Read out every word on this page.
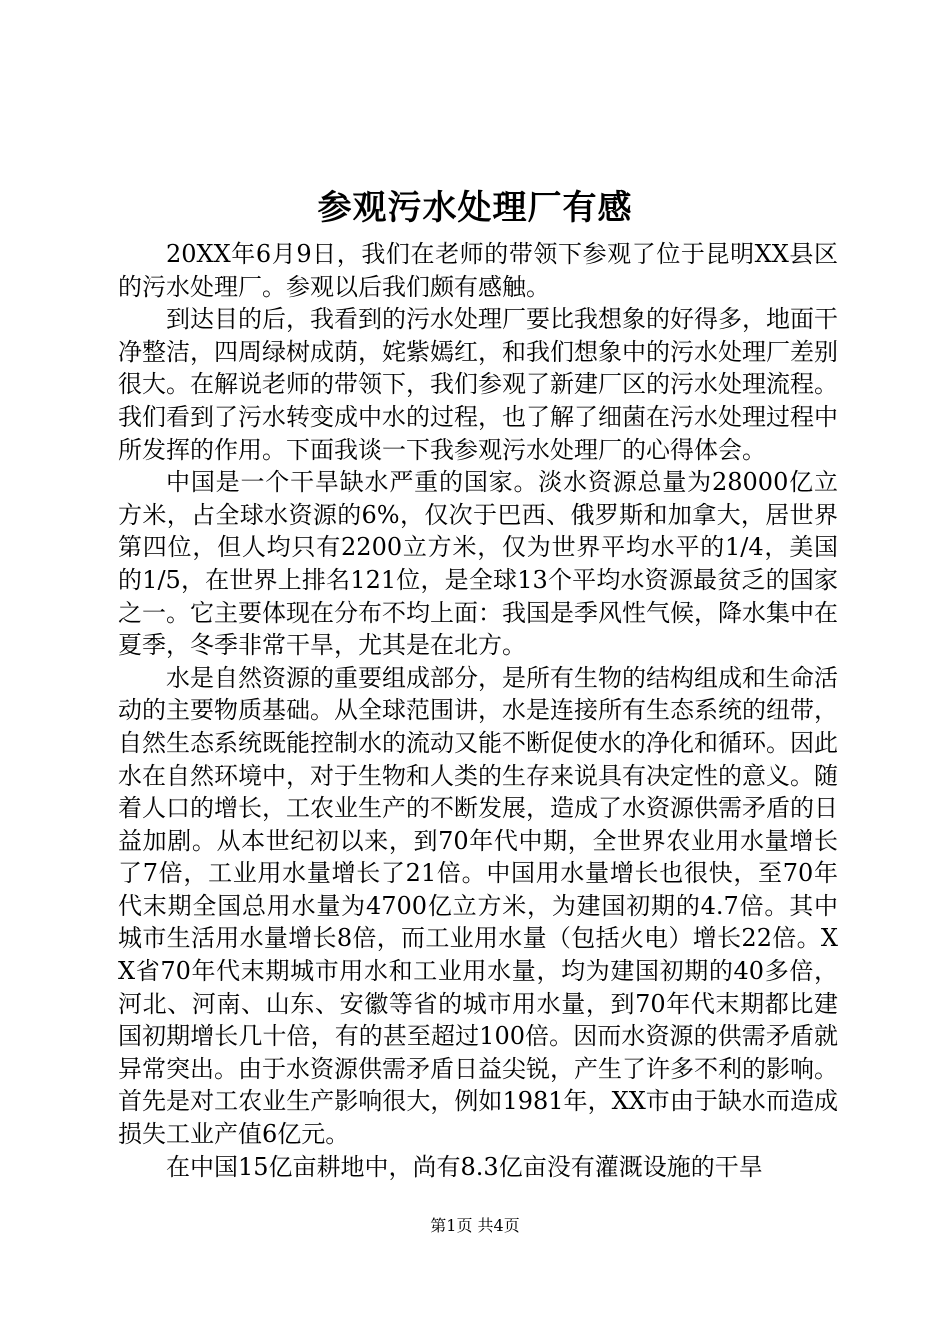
参观污水处理厂有感

20XX年6月9日，我们在老师的带领下参观了位于昆明XX县区的污水处理厂。参观以后我们颇有感触。

到达目的后，我看到的污水处理厂要比我想象的好得多，地面干净整洁，四周绿树成荫，姹紫嫣红，和我们想象中的污水处理厂差别很大。在解说老师的带领下，我们参观了新建厂区的污水处理流程。我们看到了污水转变成中水的过程，也了解了细菌在污水处理过程中所发挥的作用。下面我谈一下我参观污水处理厂的心得体会。

中国是一个干旱缺水严重的国家。淡水资源总量为28000亿立方米，占全球水资源的6%，仅次于巴西、俄罗斯和加拿大，居世界第四位，但人均只有2200立方米，仅为世界平均水平的1/4，美国的1/5，在世界上排名121位，是全球13个平均水资源最贫乏的国家之一。它主要体现在分布不均上面：我国是季风性气候，降水集中在夏季，冬季非常干旱，尤其是在北方。

水是自然资源的重要组成部分，是所有生物的结构组成和生命活动的主要物质基础。从全球范围讲，水是连接所有生态系统的纽带，自然生态系统既能控制水的流动又能不断促使水的净化和循环。因此水在自然环境中，对于生物和人类的生存来说具有决定性的意义。随着人口的增长，工农业生产的不断发展，造成了水资源供需矛盾的日益加剧。从本世纪初以来，到70年代中期，全世界农业用水量增长了7倍，工业用水量增长了21倍。中国用水量增长也很快，至70年代末期全国总用水量为4700亿立方米，为建国初期的4.7倍。其中城市生活用水量增长8倍，而工业用水量（包括火电）增长22倍。XX省70年代末期城市用水和工业用水量，均为建国初期的40多倍，河北、河南、山东、安徽等省的城市用水量，到70年代末期都比建国初期增长几十倍，有的甚至超过100倍。因而水资源的供需矛盾就异常突出。由于水资源供需矛盾日益尖锐，产生了许多不利的影响。首先是对工农业生产影响很大，例如1981年，XX市由于缺水而造成损失工业产值6亿元。

在中国15亿亩耕地中，尚有8.3亿亩没有灌溉设施的干旱

第1页 共4页
